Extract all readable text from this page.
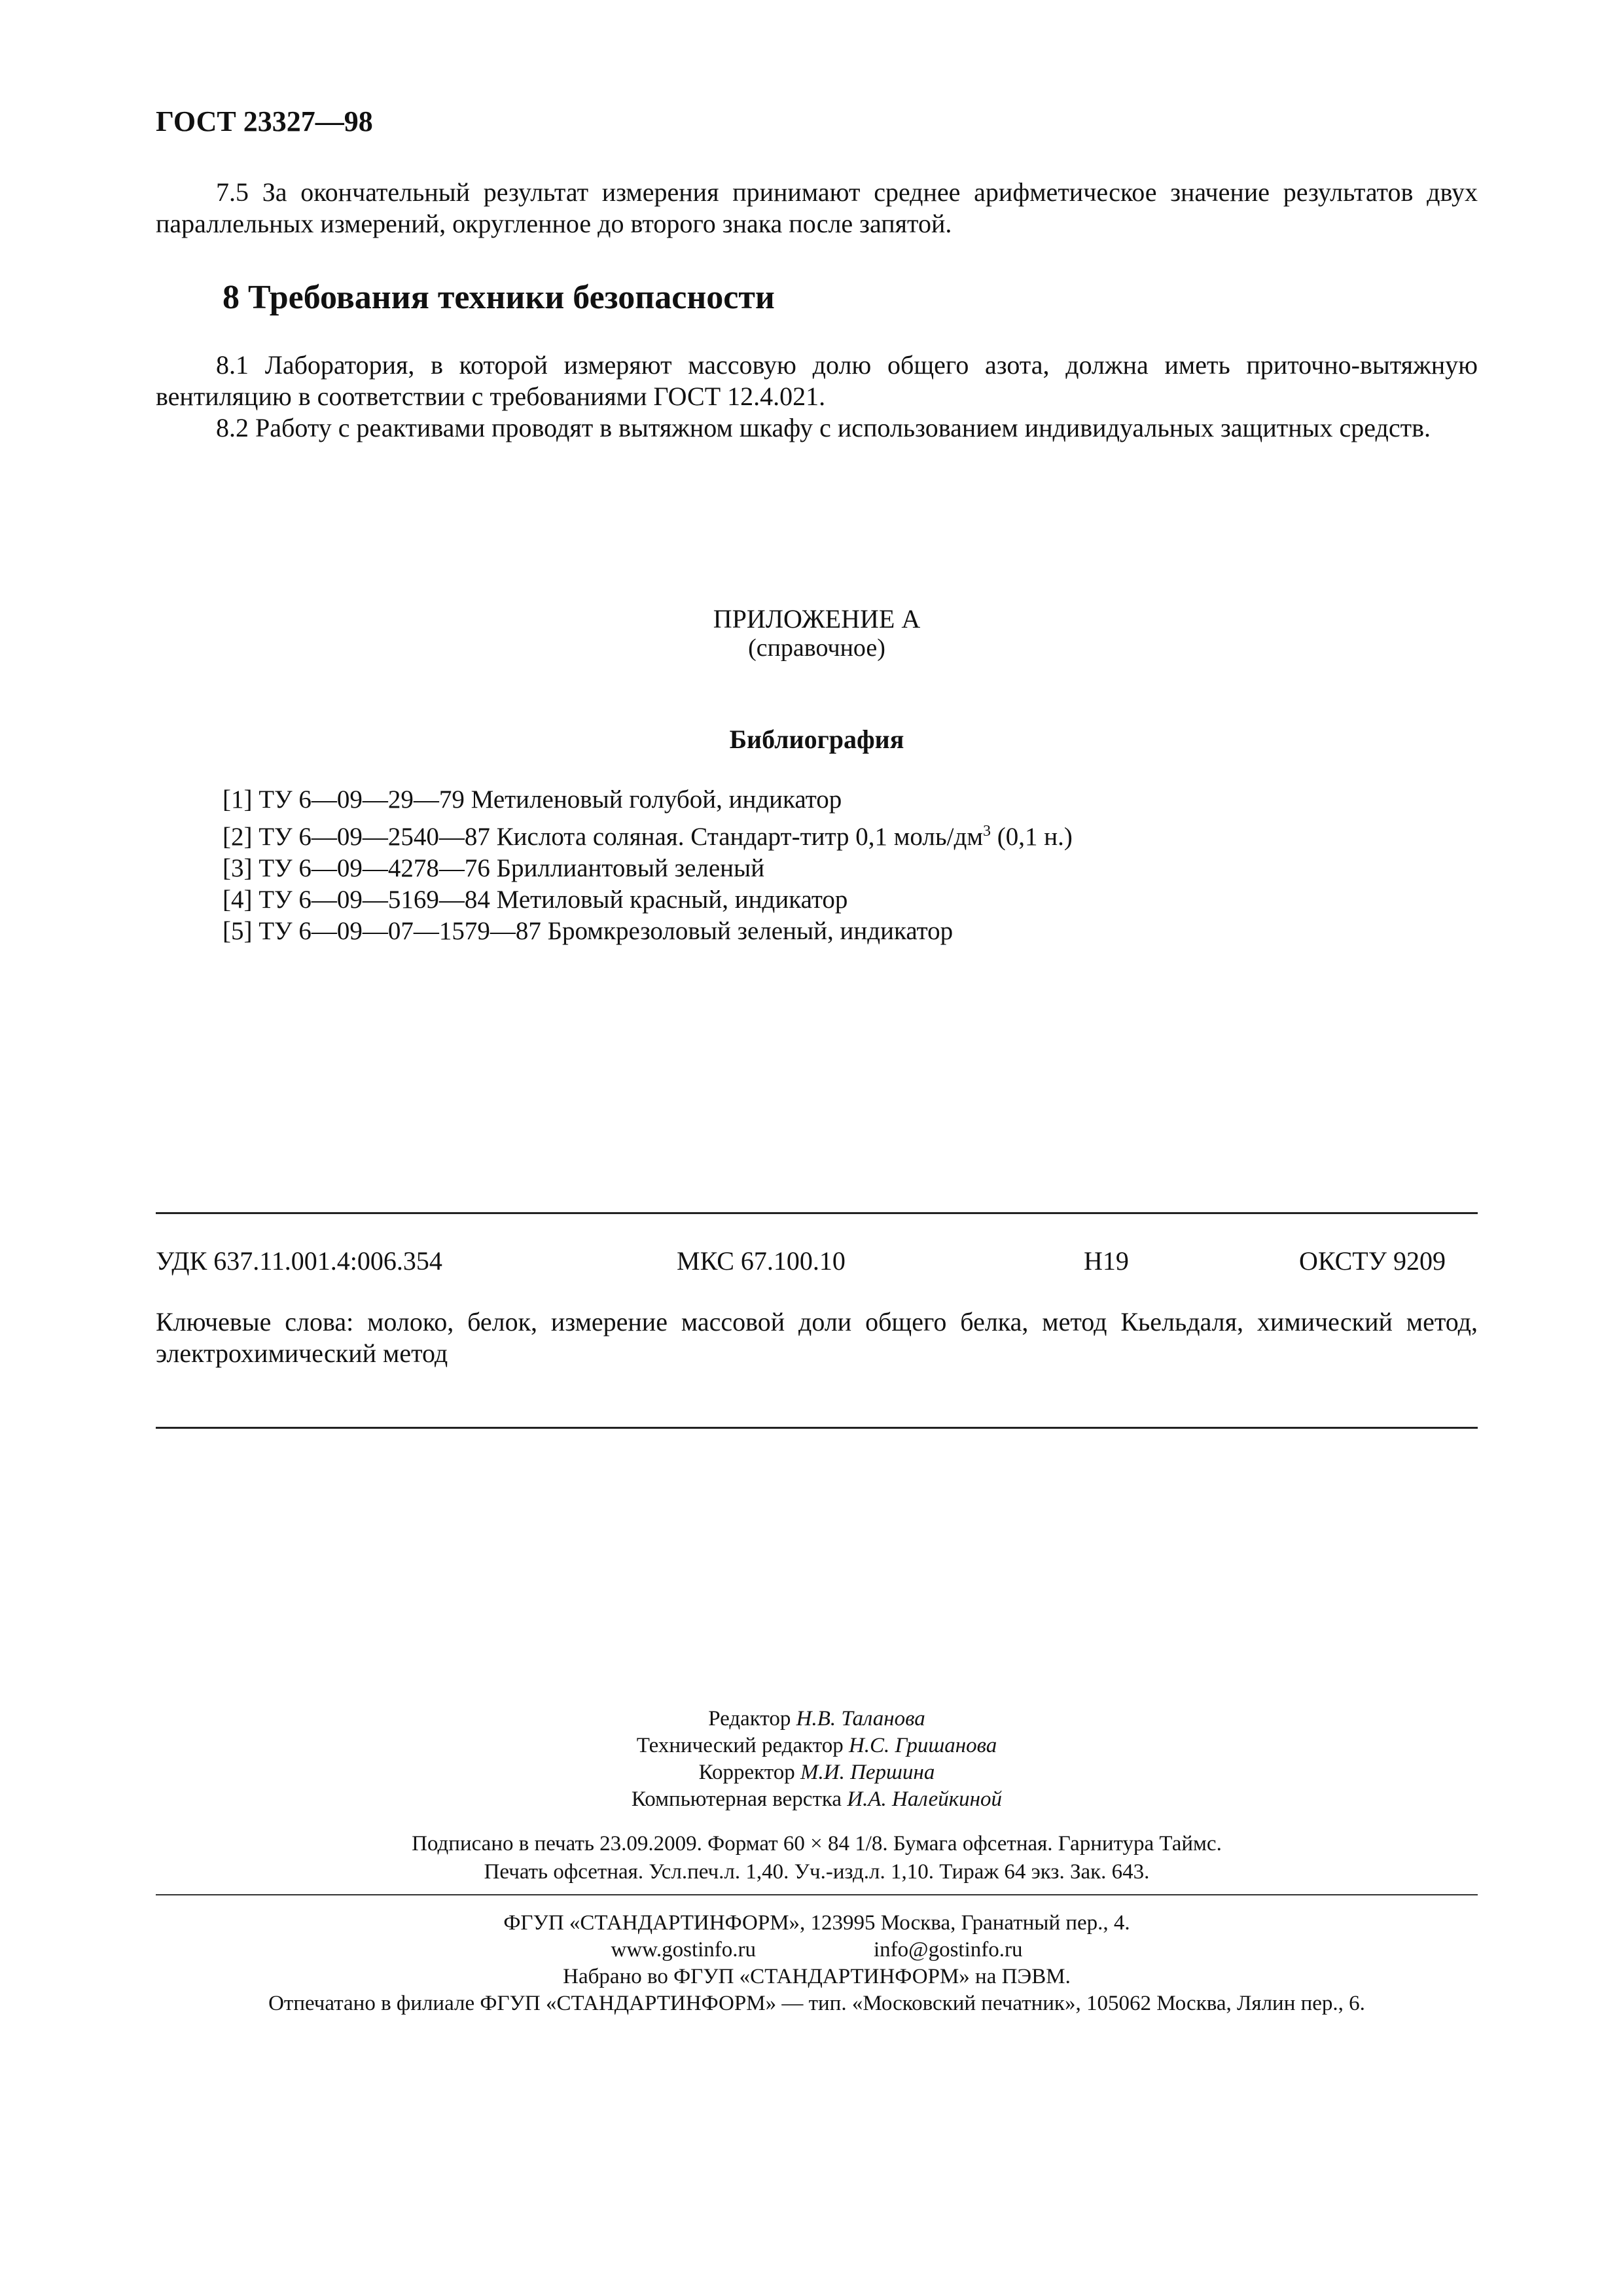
ГОСТ 23327—98

7.5 За окончательный результат измерения принимают среднее арифметическое значение результатов двух параллельных измерений, округленное до второго знака после запятой.

8 Требования техники безопасности

8.1 Лаборатория, в которой измеряют массовую долю общего азота, должна иметь приточно-вытяжную вентиляцию в соответствии с требованиями ГОСТ 12.4.021.

8.2 Работу с реактивами проводят в вытяжном шкафу с использованием индивидуальных защитных средств.

ПРИЛОЖЕНИЕ А
(справочное)
Библиография
[1] ТУ 6—09—29—79 Метиленовый голубой, индикатор
[2] ТУ 6—09—2540—87 Кислота соляная. Стандарт-титр 0,1 моль/$дм^3$ (0,1 н.)
[3] ТУ 6—09—4278—76 Бриллиантовый зеленый
[4] ТУ 6—09—5169—84 Метиловый красный, индикатор
[5] ТУ 6—09—07—1579—87 Бромкрезоловый зеленый, индикатор
УДК 637.11.001.4:006.354	МКС 67.100.10	Н19	ОКСТУ 9209

Ключевые слова: молоко, белок, измерение массовой доли общего белка, метод Кьельдаля, химический метод, электрохимический метод

Редактор Н.В. Таланова
Технический редактор Н.С. Гришанова
Корректор М.И. Першина
Компьютерная верстка И.А. Налейкиной
Подписано в печать 23.09.2009. Формат 60 × 84 1/8. Бумага офсетная. Гарнитура Таймс.
Печать офсетная. Усл.печ.л. 1,40. Уч.-изд.л. 1,10. Тираж 64 экз. Зак. 643.
ФГУП «СТАНДАРТИНФОРМ», 123995 Москва, Гранатный пер., 4.
www.gostinfo.ru	info@gostinfo.ru
Набрано во ФГУП «СТАНДАРТИНФОРМ» на ПЭВМ.
Отпечатано в филиале ФГУП «СТАНДАРТИНФОРМ» — тип. «Московский печатник», 105062 Москва, Лялин пер., 6.
